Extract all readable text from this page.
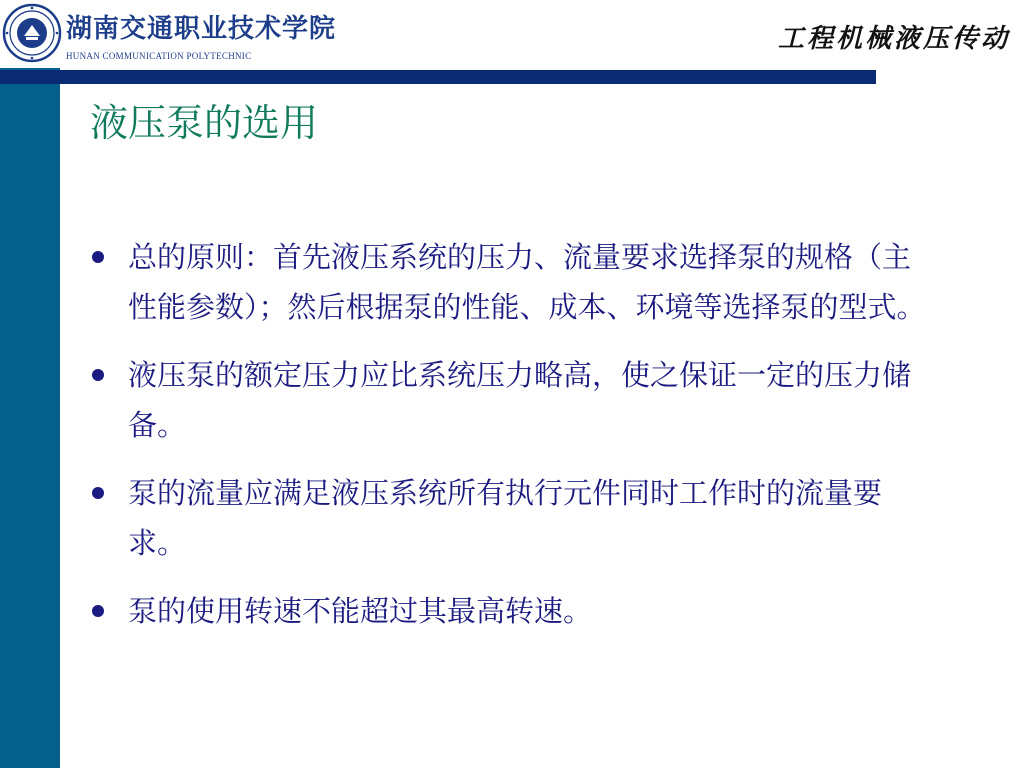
湖南交通职业技术学院
HUNAN COMMUNICATION POLYTECHNIC
工程机械液压传动
液压泵的选用
总的原则：首先液压系统的压力、流量要求选择泵的规格（主性能参数）；然后根据泵的性能、成本、环境等选择泵的型式。
液压泵的额定压力应比系统压力略高，使之保证一定的压力储备。
泵的流量应满足液压系统所有执行元件同时工作时的流量要求。
泵的使用转速不能超过其最高转速。
